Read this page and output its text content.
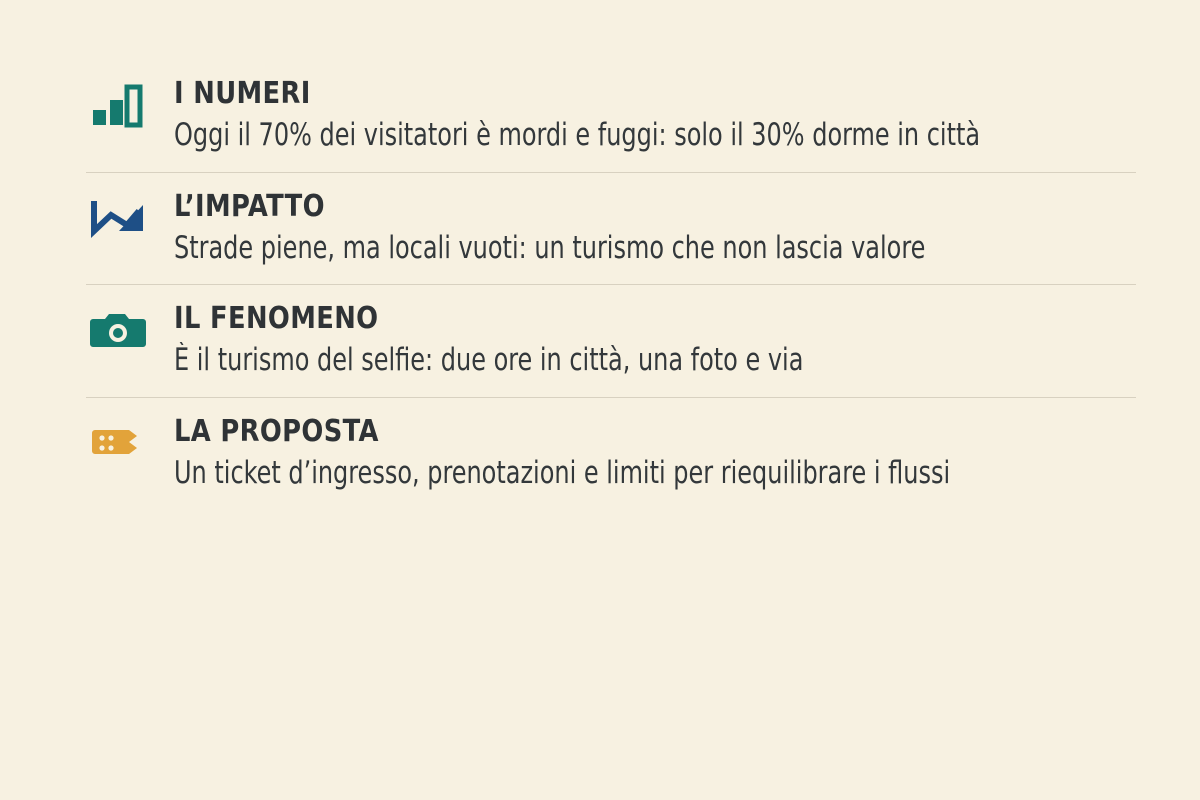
I NUMERI

Oggi il 70% dei visitatori è mordi e fuggi: solo il 30% dorme in città

L’IMPATTO

Strade piene, ma locali vuoti: un turismo che non lascia valore

IL FENOMENO

È il turismo del selfie: due ore in città, una foto e via

LA PROPOSTA

Un ticket d’ingresso, prenotazioni e limiti per riequilibrare i flussi
